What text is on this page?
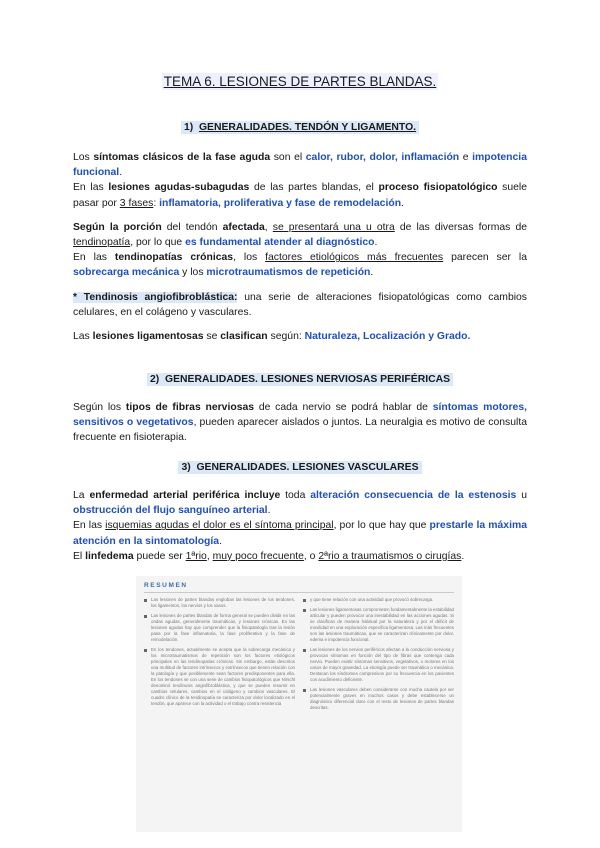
TEMA 6. LESIONES DE PARTES BLANDAS.
1) GENERALIDADES. TENDÓN Y LIGAMENTO.
Los síntomas clásicos de la fase aguda son el calor, rubor, dolor, inflamación e impotencia funcional.
En las lesiones agudas-subagudas de las partes blandas, el proceso fisiopatológico suele pasar por 3 fases: inflamatoria, proliferativa y fase de remodelación.
Según la porción del tendón afectada, se presentará una u otra de las diversas formas de tendinopatía, por lo que es fundamental atender al diagnóstico.
En las tendinopatías crónicas, los factores etiológicos más frecuentes parecen ser la sobrecarga mecánica y los microtraumatismos de repetición.
* Tendinosis angiofibroblástica: una serie de alteraciones fisiopatológicas como cambios celulares, en el colágeno y vasculares.
Las lesiones ligamentosas se clasifican según: Naturaleza, Localización y Grado.
2) GENERALIDADES. LESIONES NERVIOSAS PERIFÉRICAS
Según los tipos de fibras nerviosas de cada nervio se podrá hablar de síntomas motores, sensitivos o vegetativos, pueden aparecer aislados o juntos. La neuralgia es motivo de consulta frecuente en fisioterapia.
3) GENERALIDADES. LESIONES VASCULARES
La enfermedad arterial periférica incluye toda alteración consecuencia de la estenosis u obstrucción del flujo sanguíneo arterial.
En las isquemias agudas el dolor es el síntoma principal, por lo que hay que prestarle la máxima atención en la sintomatología.
El linfedema puede ser 1ªrio, muy poco frecuente, o 2ªrio a traumatismos o cirugías.
RESUMEN
Las lesiones de partes blandas engloban las lesiones de los tendones, los ligamentos, los nervios y los vasos.
Las lesiones de partes blandas de forma general se pueden dividir en las ondas agudas, generalmente traumáticas, y lesiones crónicas. En las lesiones agudas hay que comprender que la fisiopatología tras la lesión pasa por la fase inflamatoria, la fase proliferativa y la fase de remodelación.
En los tendones, actualmente se acepta que la sobrecarga mecánica y los microtraumatismos de repetición son los factores etiológicos principales en las tendinopatías crónicas. Sin embargo, están descritos una multitud de factores intrínsecos y extrínsecos que tienen relación con la patología y que posiblemente sean factores predisponentes para ella. En los tendones se con una serie de cambios fisiopatológicos que Nirschl denominó tendinosis angiofibroblástica, y que se pueden resumir en cambios celulares, cambios en el colágeno y cambios vasculares. El cuadro clínico de la tendinopatía se caracteriza por dolor localizado en el tendón, que aparece con la actividad o el trabajo contra resistencia
y que tiene relación con una actividad que provocó sobrecarga.
Las lesiones ligamentosas comprometen fundamentalmente la estabilidad articular y pueden provocar una inestabilidad en las acciones agudas. Si se clasifican de manera habitual por la naturaleza y por el déficit de movilidad en una exploración específica ligamentosa. Las más frecuentes son las lesiones traumáticas, que se caracterizan clínicamente por dolor, edema e impotencia funcional.
Las lesiones de los nervios periféricos afectan a la conducción nerviosa y provocan síntomas en función del tipo de fibras que contenga cada nervio. Pueden existir síntomas sensitivos, vegetativos, o motores en los casos de mayor gravedad. La etiología puede ser traumática o mecánica. Destacan los síndromes compresivos por su frecuencia en los pacientes con acudimiento deficiente.
Las lesiones vasculares deben considerarse con mucha cautela por ser potencialmente graves en muchos casos y debe establecerse un diagnóstico diferencial claro con el resto de lesiones de partes blandas descritas.
